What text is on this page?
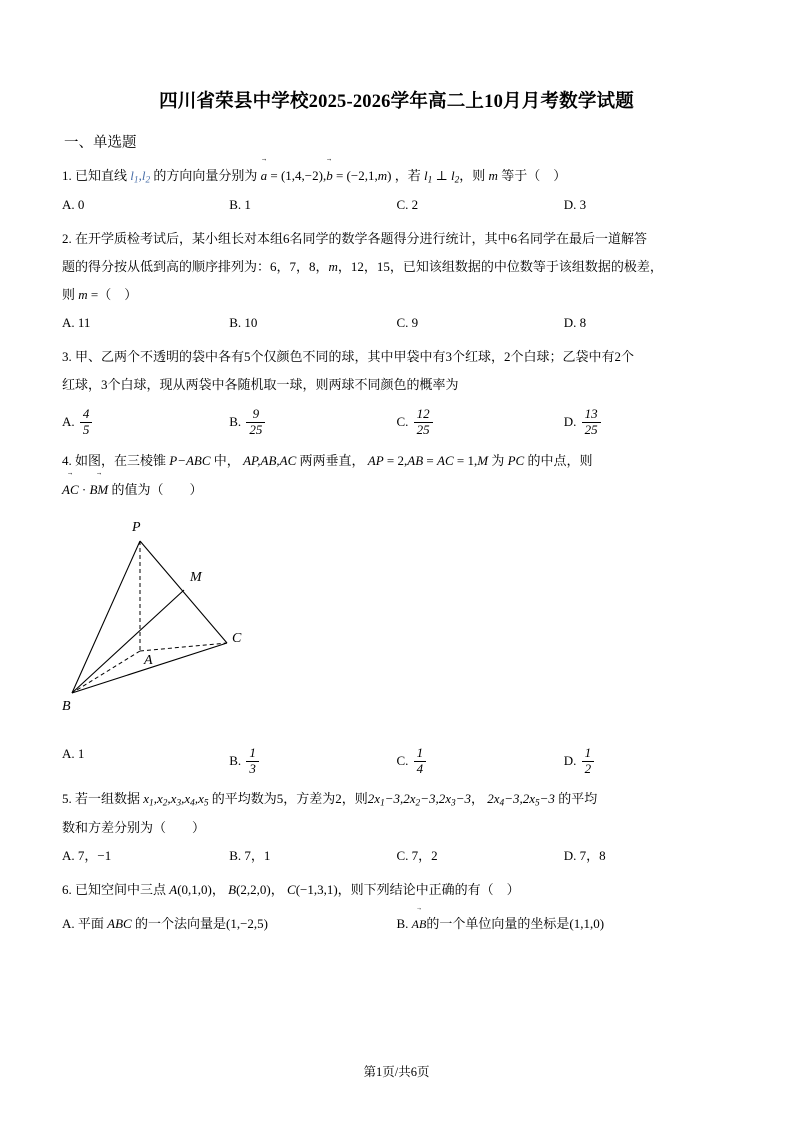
四川省荣县中学校2025-2026学年高二上10月月考数学试题
一、单选题

1. 已知直线 $l_1,l_2$ 的方向向量分别为 a → = (1,4,−2),b → = (−2,1,m) ，若 $l_1$ ⊥ $l_2$，则 m 等于（    ）

A. 0	B. 1	C. 2	D. 3

2. 在开学质检考试后，某小组长对本组6名同学的数学各题得分进行统计，其中6名同学在最后一道解答

题的得分按从低到高的顺序排列为：6，7，8，m，12，15，已知该组数据的中位数等于该组数据的极差，

则 m =（    ）

A. 11	B. 10	C. 9	D. 8

3. 甲、乙两个不透明的袋中各有5个仅颜色不同的球，其中甲袋中有3个红球，2个白球；乙袋中有2个

红球，3个白球，现从两袋中各随机取一球，则两球不同颜色的概率为

A. $\frac{4}{5}$	B. $\frac{9}{25}$	C. $\frac{12}{25}$	D. $\frac{13}{25}$

4. 如图，在三棱锥 P−ABC 中， AP,AB,AC 两两垂直， AP = 2,AB = AC = 1,M 为 PC 的中点，则

AC → · BM → 的值为（　　）

P
M
C
A
B
A. 1	B. $\frac{1}{3}$	C. $\frac{1}{4}$	D. $\frac{1}{2}$

5. 若一组数据 $x_1,x_2,x_3,x_4,x_5$ 的平均数为5，方差为2，则$2x_1-3,2x_2-3,2x_3-3$， $2x_4-3,2x_5-3$ 的平均

数和方差分别为（　　）

A. 7，−1	B. 7，1	C. 7，2	D. 7，8

6. 已知空间中三点 A(0,1,0)， B(2,2,0)， C(−1,3,1)，则下列结论中正确的有（    ）

A. 平面 ABC 的一个法向量是(1,−2,5)	B. AB →的一个单位向量的坐标是(1,1,0)
第1页/共6页
